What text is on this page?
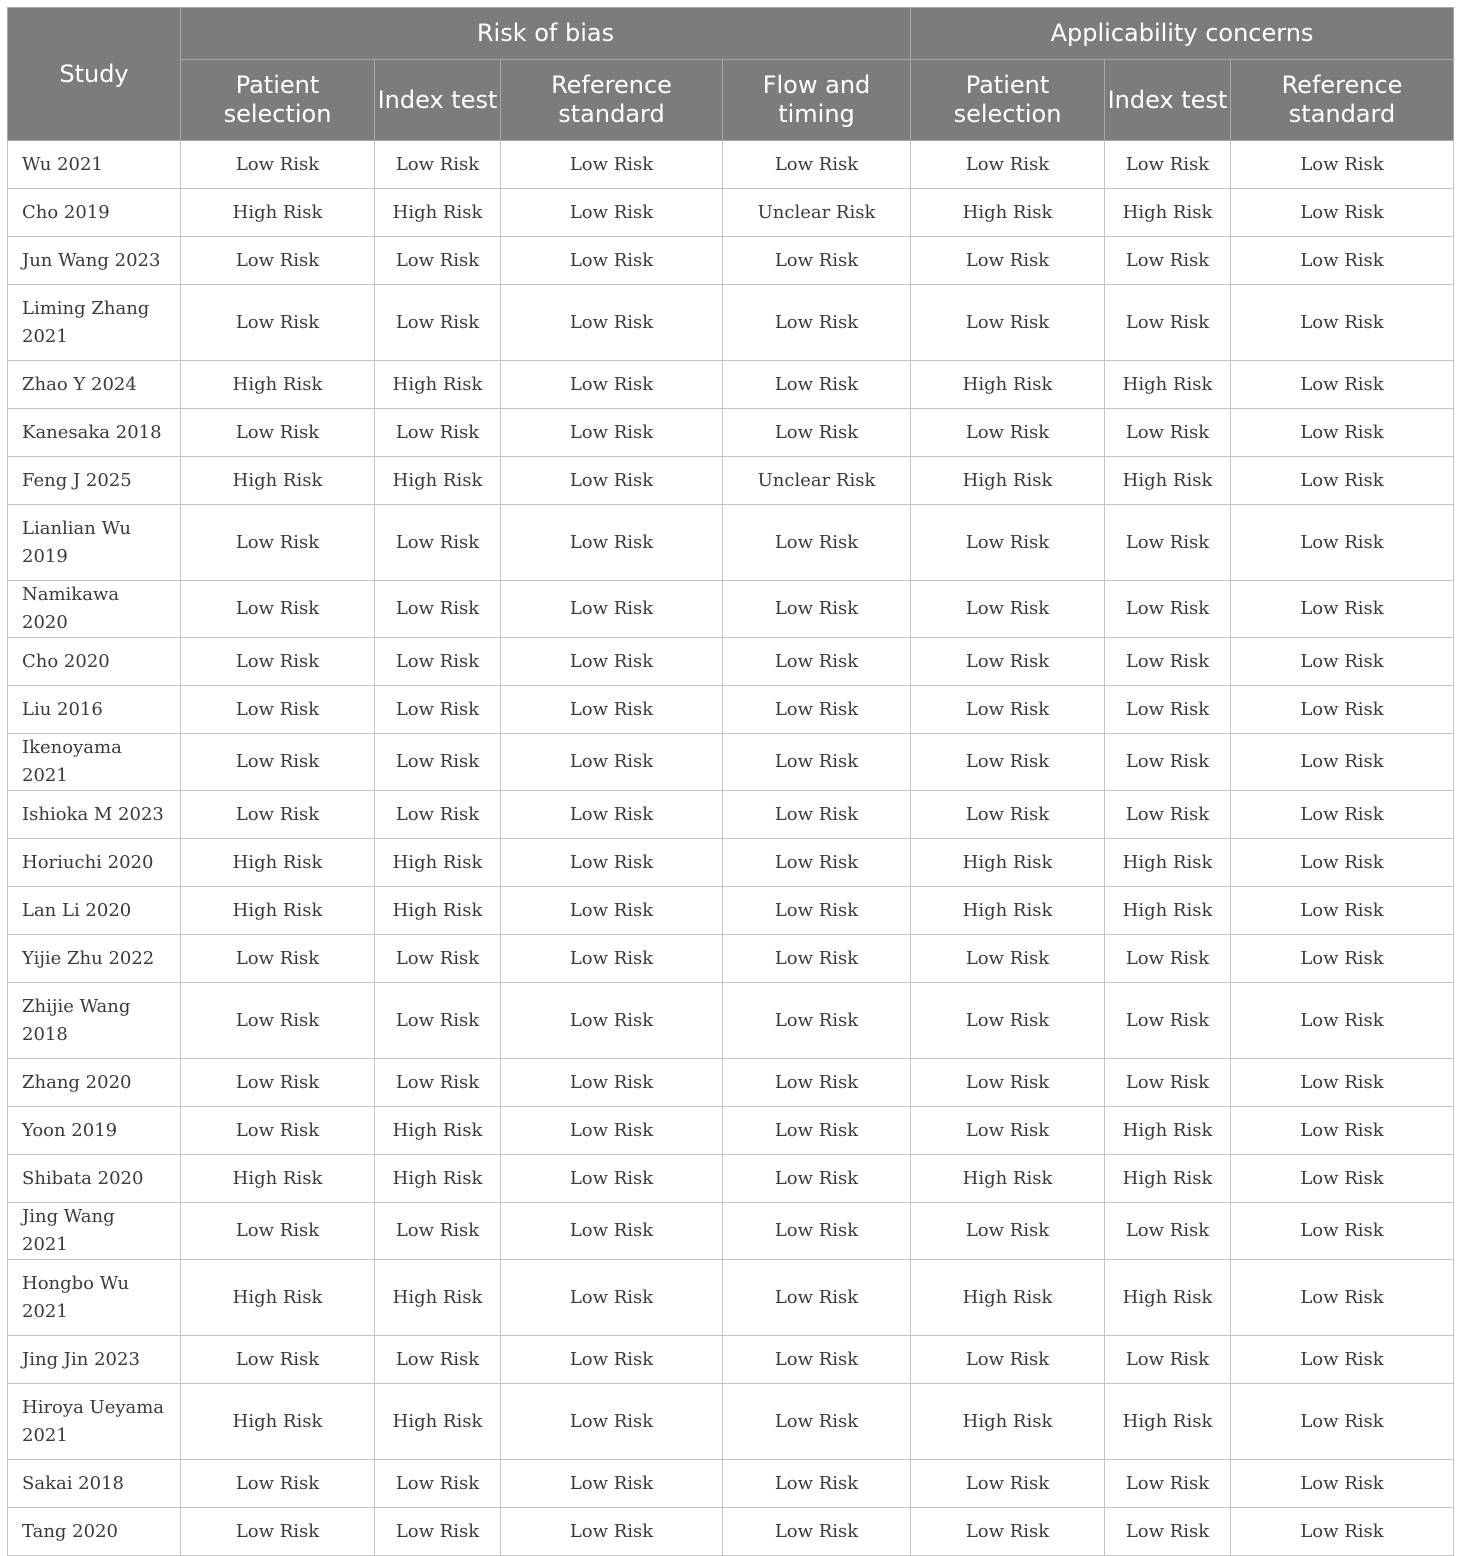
Study	Risk of bias				Applicability concerns		
	Patient selection	Index test	Reference standard	Flow and timing	Patient selection	Index test	Reference standard
Wu 2021	Low Risk	Low Risk	Low Risk	Low Risk	Low Risk	Low Risk	Low Risk
Cho 2019	High Risk	High Risk	Low Risk	Unclear Risk	High Risk	High Risk	Low Risk
Jun Wang 2023	Low Risk	Low Risk	Low Risk	Low Risk	Low Risk	Low Risk	Low Risk
Liming Zhang 2021	Low Risk	Low Risk	Low Risk	Low Risk	Low Risk	Low Risk	Low Risk
Zhao Y 2024	High Risk	High Risk	Low Risk	Low Risk	High Risk	High Risk	Low Risk
Kanesaka 2018	Low Risk	Low Risk	Low Risk	Low Risk	Low Risk	Low Risk	Low Risk
Feng J 2025	High Risk	High Risk	Low Risk	Unclear Risk	High Risk	High Risk	Low Risk
Lianlian Wu 2019	Low Risk	Low Risk	Low Risk	Low Risk	Low Risk	Low Risk	Low Risk
Namikawa 2020	Low Risk	Low Risk	Low Risk	Low Risk	Low Risk	Low Risk	Low Risk
Cho 2020	Low Risk	Low Risk	Low Risk	Low Risk	Low Risk	Low Risk	Low Risk
Liu 2016	Low Risk	Low Risk	Low Risk	Low Risk	Low Risk	Low Risk	Low Risk
Ikenoyama 2021	Low Risk	Low Risk	Low Risk	Low Risk	Low Risk	Low Risk	Low Risk
Ishioka M 2023	Low Risk	Low Risk	Low Risk	Low Risk	Low Risk	Low Risk	Low Risk
Horiuchi 2020	High Risk	High Risk	Low Risk	Low Risk	High Risk	High Risk	Low Risk
Lan Li 2020	High Risk	High Risk	Low Risk	Low Risk	High Risk	High Risk	Low Risk
Yijie Zhu 2022	Low Risk	Low Risk	Low Risk	Low Risk	Low Risk	Low Risk	Low Risk
Zhijie Wang 2018	Low Risk	Low Risk	Low Risk	Low Risk	Low Risk	Low Risk	Low Risk
Zhang 2020	Low Risk	Low Risk	Low Risk	Low Risk	Low Risk	Low Risk	Low Risk
Yoon 2019	Low Risk	High Risk	Low Risk	Low Risk	Low Risk	High Risk	Low Risk
Shibata 2020	High Risk	High Risk	Low Risk	Low Risk	High Risk	High Risk	Low Risk
Jing Wang 2021	Low Risk	Low Risk	Low Risk	Low Risk	Low Risk	Low Risk	Low Risk
Hongbo Wu 2021	High Risk	High Risk	Low Risk	Low Risk	High Risk	High Risk	Low Risk
Jing Jin 2023	Low Risk	Low Risk	Low Risk	Low Risk	Low Risk	Low Risk	Low Risk
Hiroya Ueyama 2021	High Risk	High Risk	Low Risk	Low Risk	High Risk	High Risk	Low Risk
Sakai 2018	Low Risk	Low Risk	Low Risk	Low Risk	Low Risk	Low Risk	Low Risk
Tang 2020	Low Risk	Low Risk	Low Risk	Low Risk	Low Risk	Low Risk	Low Risk
